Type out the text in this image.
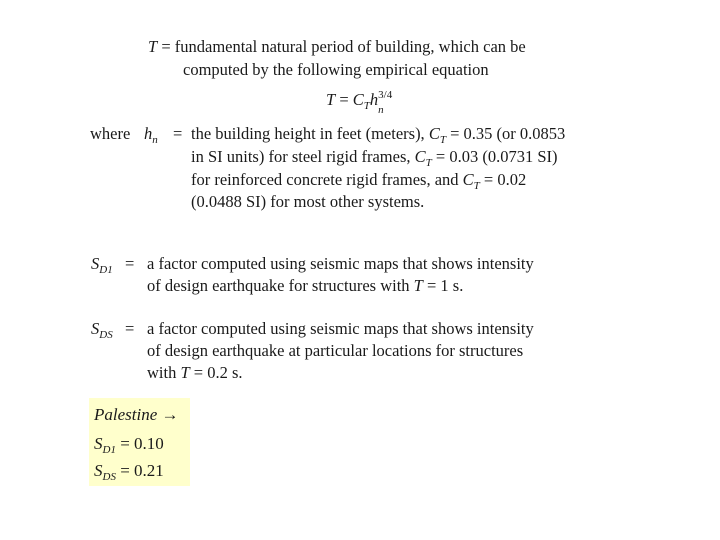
T = fundamental natural period of building, which can be
computed by the following empirical equation
$T = C_Th$ 3/4
n
where $h_n$ = the building height in feet (meters), $C_T = 0.35$ (or 0.0853
in SI units) for steel rigid frames, $C_T = 0.03$ (0.0731 SI)
for reinforced concrete rigid frames, and $C_T = 0.02$
(0.0488 SI) for most other systems.
$S_{D1} = a$ factor computed using seismic maps that shows intensity
of design earthquake for structures with T = 1 s.
$S_{DS} = a$ factor computed using seismic maps that shows intensity
of design earthquake at particular locations for structures
with T = 0.2 s.
Palestine →
$S_{D1} = 0.10$
$S_{DS} = 0.21$
